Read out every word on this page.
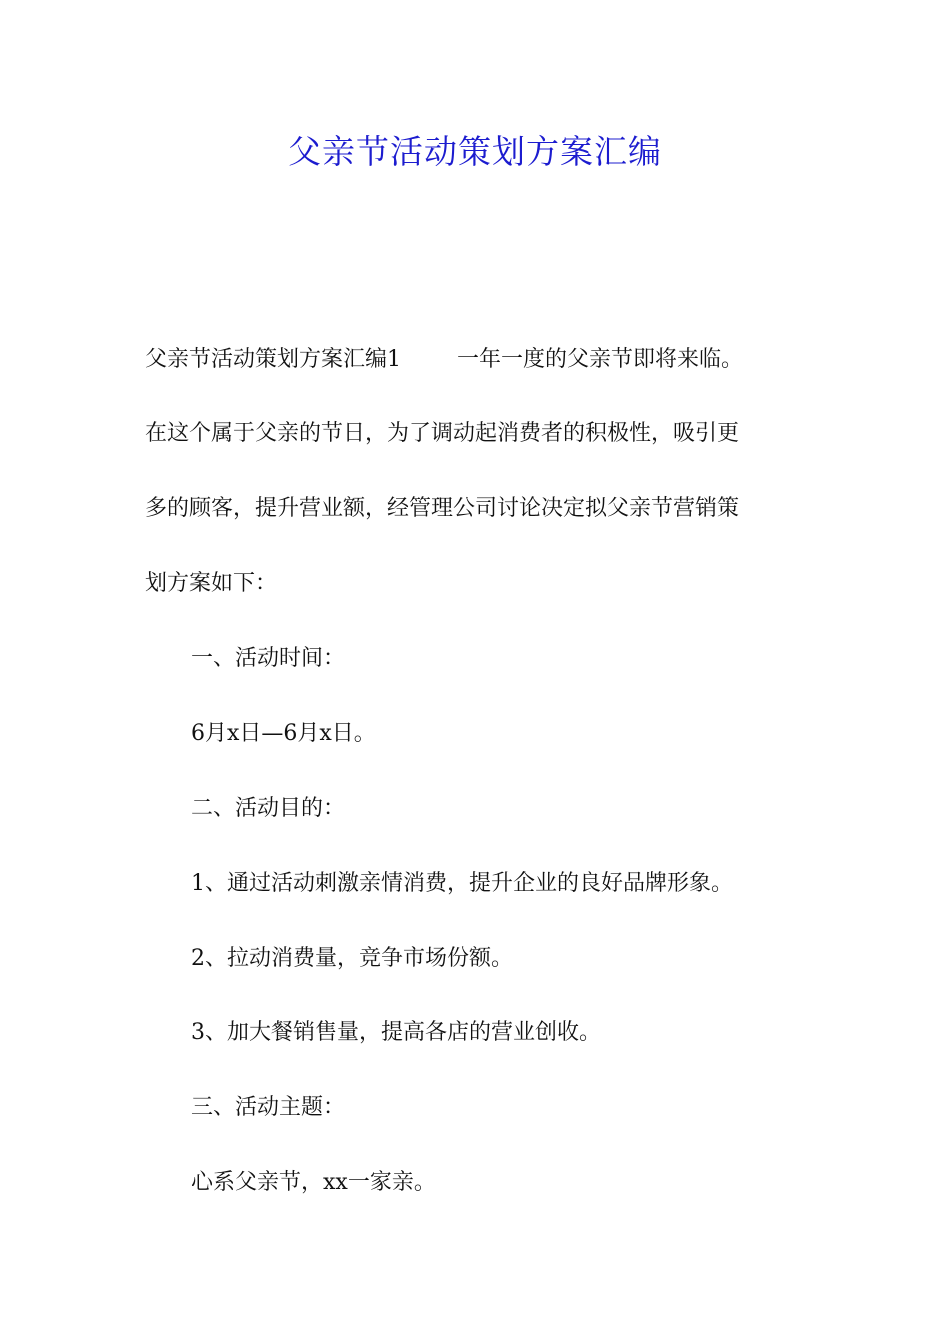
父亲节活动策划方案汇编
父亲节活动策划方案汇编1	一年一度的父亲节即将来临。
在这个属于父亲的节日，为了调动起消费者的积极性，吸引更
多的顾客，提升营业额，经管理公司讨论决定拟父亲节营销策
划方案如下：
一、活动时间：
6月x日—6月x日。
二、活动目的：
1、通过活动刺激亲情消费，提升企业的良好品牌形象。
2、拉动消费量，竞争市场份额。
3、加大餐销售量，提高各店的营业创收。
三、活动主题：
心系父亲节，xx一家亲。
